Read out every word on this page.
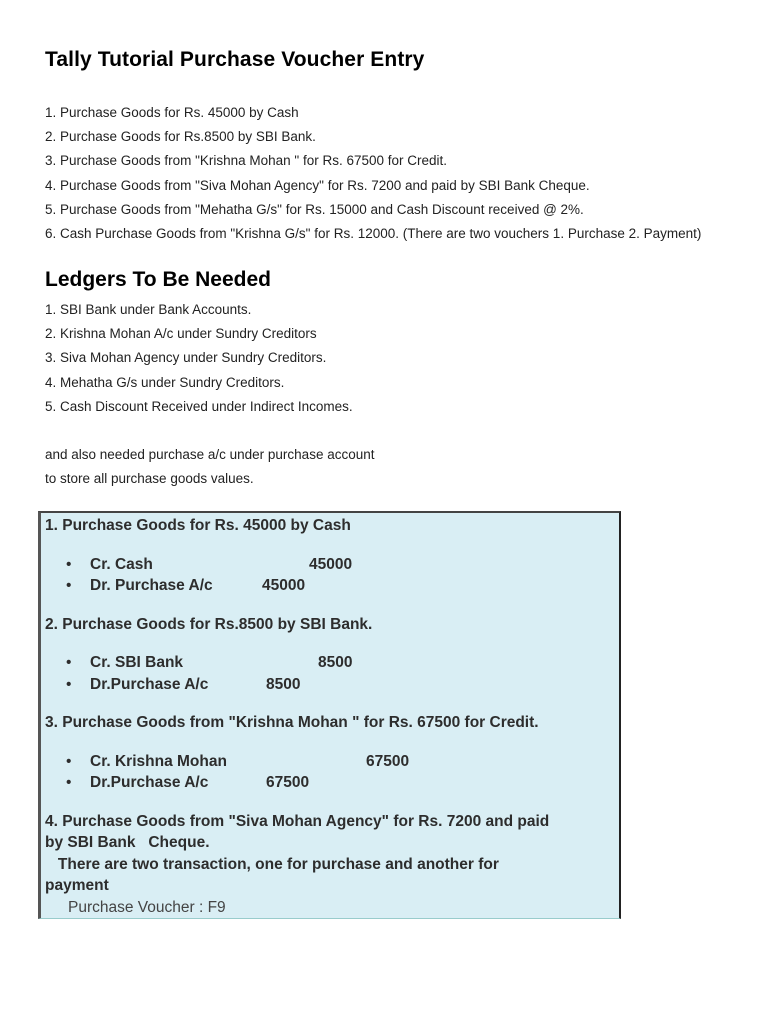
Tally Tutorial Purchase Voucher Entry
1. Purchase Goods for Rs. 45000 by Cash
2. Purchase Goods for Rs.8500 by SBI Bank.
3. Purchase Goods from "Krishna Mohan " for Rs. 67500 for Credit.
4. Purchase Goods from "Siva Mohan Agency" for Rs. 7200 and paid by SBI Bank Cheque.
5. Purchase Goods from "Mehatha G/s" for Rs. 15000 and Cash Discount received @ 2%.
6. Cash Purchase Goods from "Krishna G/s" for Rs. 12000. (There are two vouchers 1. Purchase 2. Payment)
Ledgers To Be Needed
1. SBI Bank under Bank Accounts.
2. Krishna Mohan A/c under Sundry Creditors
3. Siva Mohan Agency under Sundry Creditors.
4. Mehatha G/s under Sundry Creditors.
5. Cash Discount Received under Indirect Incomes.
and also needed purchase a/c under purchase account
to store all purchase goods values.
1. Purchase Goods for Rs. 45000 by Cash
• Cr. Cash	45000
• Dr. Purchase A/c	45000
2. Purchase Goods for Rs.8500 by SBI Bank.
• Cr. SBI Bank	8500
• Dr.Purchase A/c	8500
3. Purchase Goods from "Krishna Mohan " for Rs. 67500 for Credit.
• Cr. Krishna Mohan	67500
• Dr.Purchase A/c	67500
4. Purchase Goods from "Siva Mohan Agency" for Rs. 7200 and paid
by SBI Bank   Cheque.
There are two transaction, one for purchase and another for
payment
Purchase Voucher : F9
